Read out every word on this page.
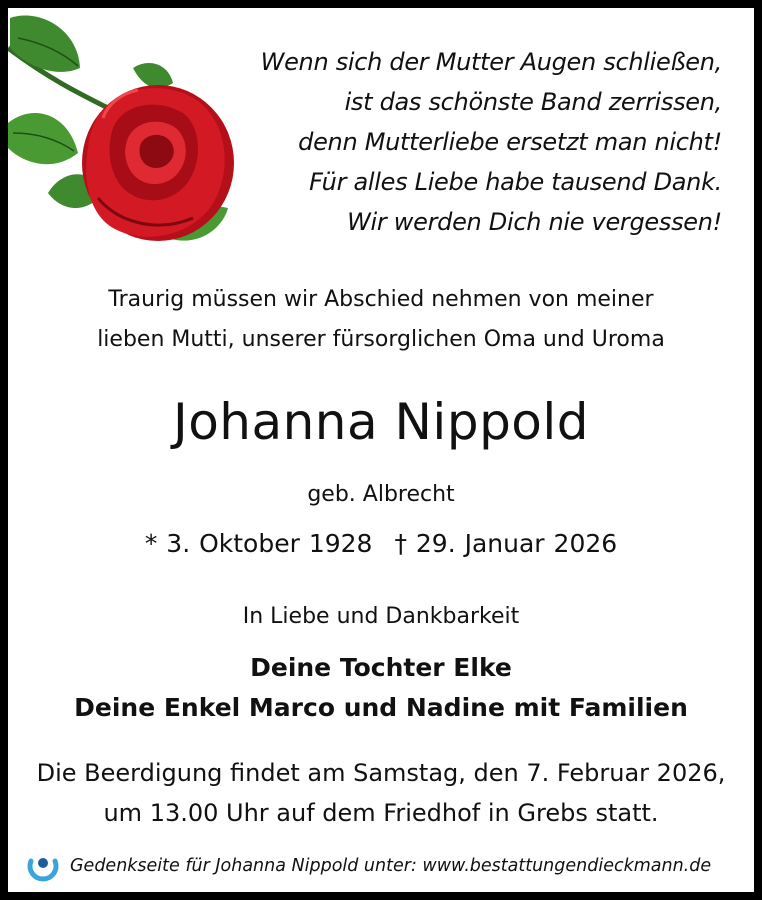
Wenn sich der Mutter Augen schließen,
ist das schönste Band zerrissen,
denn Mutterliebe ersetzt man nicht!
Für alles Liebe habe tausend Dank.
Wir werden Dich nie vergessen!
Traurig müssen wir Abschied nehmen von meiner
lieben Mutti, unserer fürsorglichen Oma und Uroma
Johanna Nippold
geb. Albrecht
* 3. Oktober 1928 † 29. Januar 2026
In Liebe und Dankbarkeit
Deine Tochter Elke
Deine Enkel Marco und Nadine mit Familien
Die Beerdigung findet am Samstag, den 7. Februar 2026,
um 13.00 Uhr auf dem Friedhof in Grebs statt.
Gedenkseite für Johanna Nippold unter: www.bestattungendieckmann.de
